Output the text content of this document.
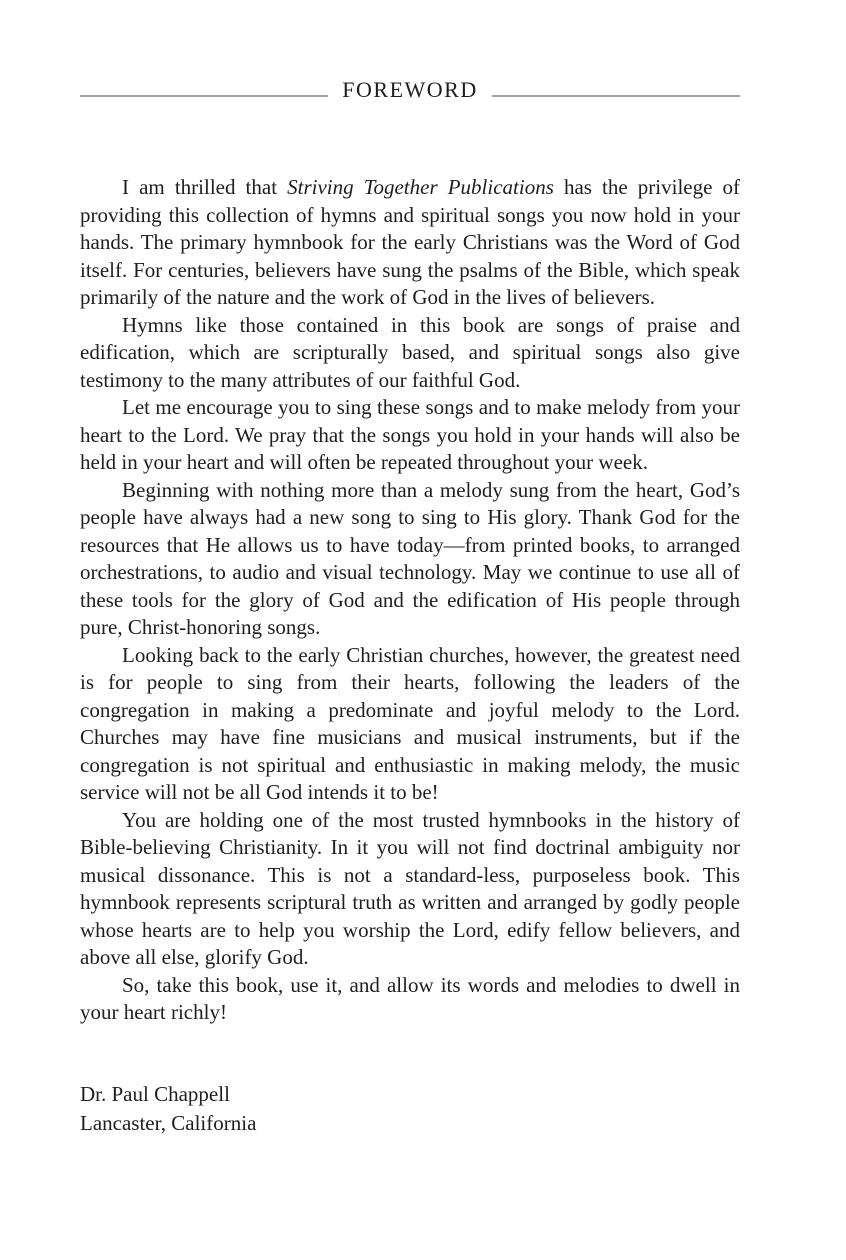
FOREWORD

I am thrilled that Striving Together Publications has the privilege of providing this collection of hymns and spiritual songs you now hold in your hands. The primary hymnbook for the early Christians was the Word of God itself. For centuries, believers have sung the psalms of the Bible, which speak primarily of the nature and the work of God in the lives of believers.

Hymns like those contained in this book are songs of praise and edification, which are scripturally based, and spiritual songs also give testimony to the many attributes of our faithful God.

Let me encourage you to sing these songs and to make melody from your heart to the Lord. We pray that the songs you hold in your hands will also be held in your heart and will often be repeated throughout your week.

Beginning with nothing more than a melody sung from the heart, God’s people have always had a new song to sing to His glory. Thank God for the resources that He allows us to have today—from printed books, to arranged orchestrations, to audio and visual technology. May we continue to use all of these tools for the glory of God and the edification of His people through pure, Christ-honoring songs.

Looking back to the early Christian churches, however, the greatest need is for people to sing from their hearts, following the leaders of the congregation in making a predominate and joyful melody to the Lord. Churches may have fine musicians and musical instruments, but if the congregation is not spiritual and enthusiastic in making melody, the music service will not be all God intends it to be!

You are holding one of the most trusted hymnbooks in the history of Bible-believing Christianity. In it you will not find doctrinal ambiguity nor musical dissonance. This is not a standard-less, purposeless book. This hymnbook represents scriptural truth as written and arranged by godly people whose hearts are to help you worship the Lord, edify fellow believers, and above all else, glorify God.

So, take this book, use it, and allow its words and melodies to dwell in your heart richly!

Dr. Paul Chappell
Lancaster, California
